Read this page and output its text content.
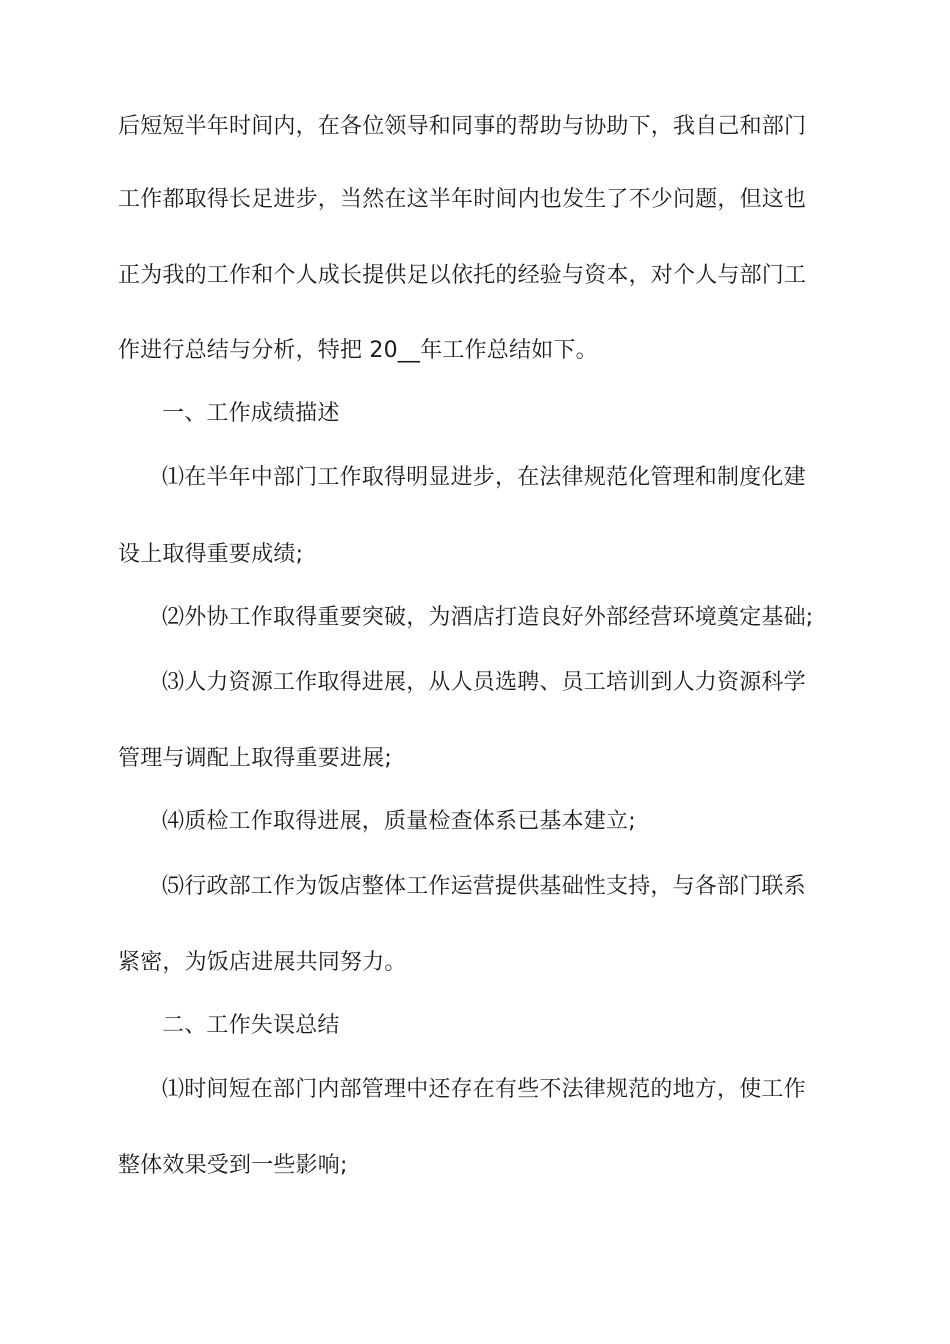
后短短半年时间内，在各位领导和同事的帮助与协助下，我自己和部门
工作都取得长足进步，当然在这半年时间内也发生了不少问题，但这也
正为我的工作和个人成长提供足以依托的经验与资本，对个人与部门工
作进行总结与分析，特把 20__年工作总结如下。
一、工作成绩描述
⑴在半年中部门工作取得明显进步，在法律规范化管理和制度化建
设上取得重要成绩;
⑵外协工作取得重要突破，为酒店打造良好外部经营环境奠定基础;
⑶人力资源工作取得进展，从人员选聘、员工培训到人力资源科学
管理与调配上取得重要进展;
⑷质检工作取得进展，质量检查体系已基本建立;
⑸行政部工作为饭店整体工作运营提供基础性支持，与各部门联系
紧密，为饭店进展共同努力。
二、工作失误总结
⑴时间短在部门内部管理中还存在有些不法律规范的地方，使工作
整体效果受到一些影响;
